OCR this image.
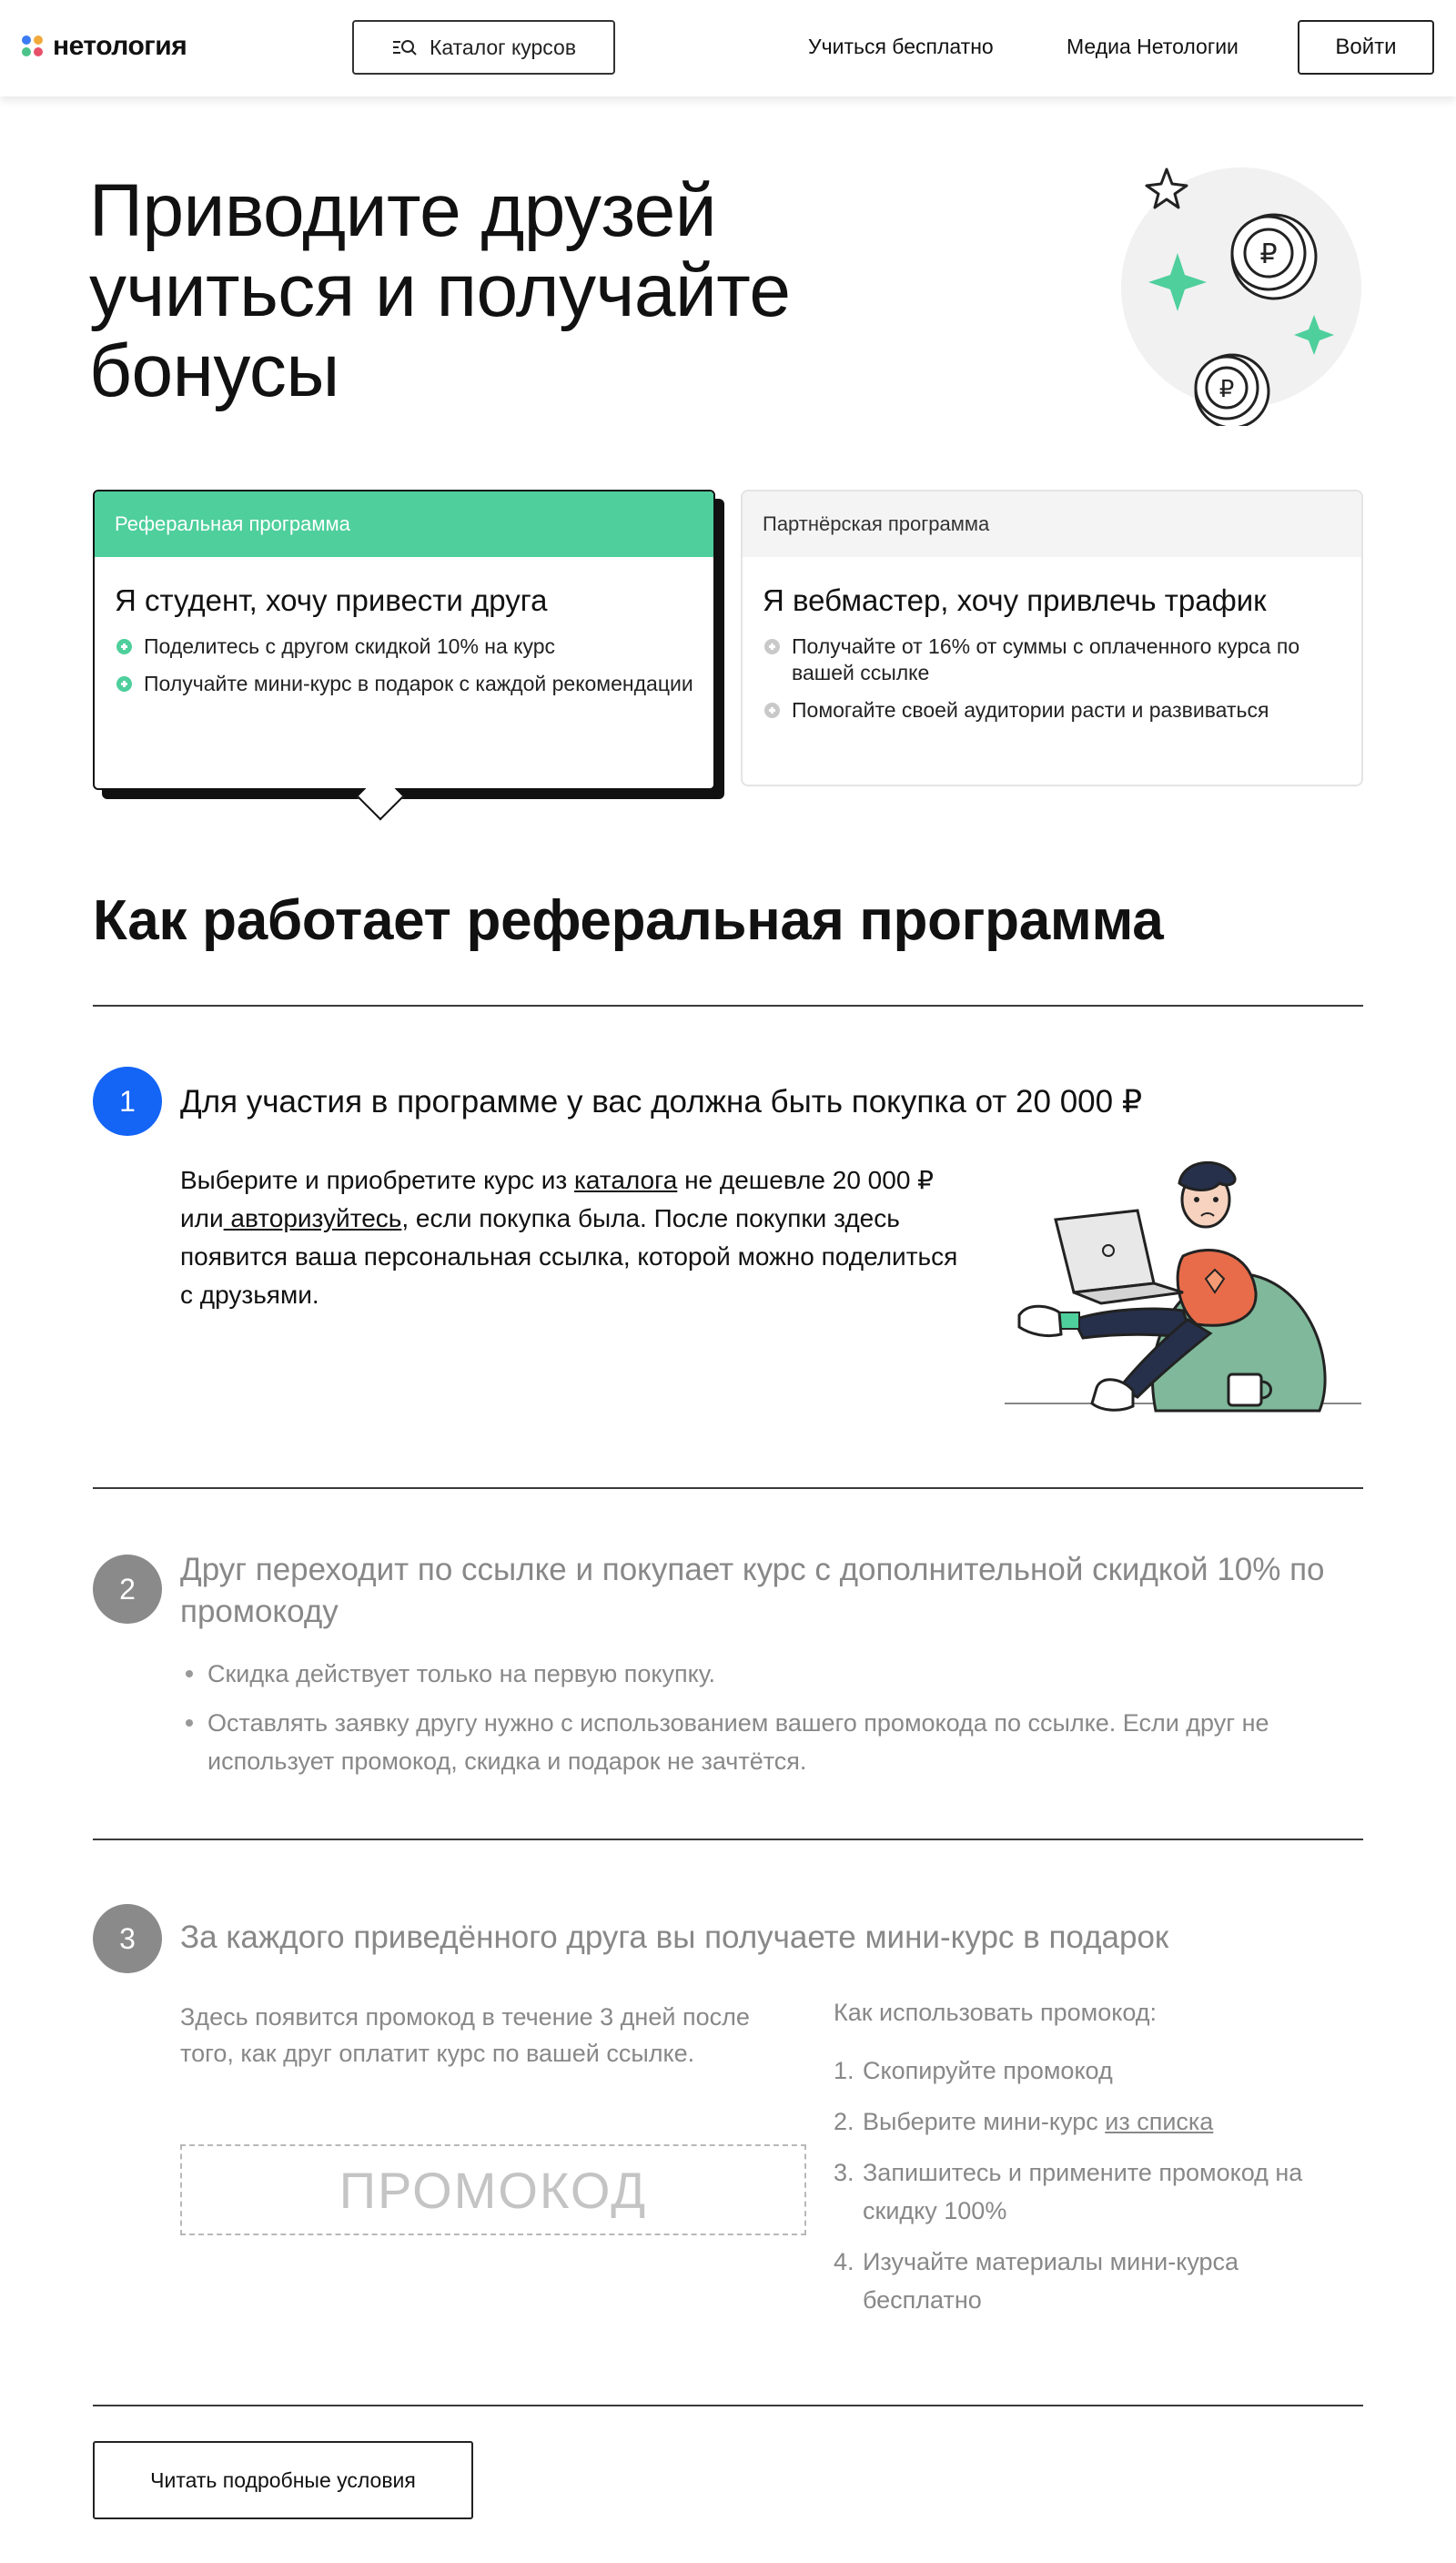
нетология	Каталог курсов	Учиться бесплатно	Медиа Нетологии	Войти
Приводите друзей учиться и получайте бонусы
₽
₽
Реферальная программа
Я студент, хочу привести друга
Поделитесь с другом скидкой 10% на курс
Получайте мини-курс в подарок с каждой рекомендации
Партнёрская программа
Я вебмастер, хочу привлечь трафик
Получайте от 16% от суммы с оплаченного курса по вашей ссылке
Помогайте своей аудитории расти и развиваться
Как работает реферальная программа
1	Для участия в программе у вас должна быть покупка от 20 000 ₽

Выберите и приобретите курс из каталога не дешевле 20 000 ₽ или авторизуйтесь, если покупка была. После покупки здесь появится ваша персональная ссылка, которой можно поделиться с друзьями.

2
Друг переходит по ссылке и покупает курс с дополнительной скидкой 10% по промокоду
Скидка действует только на первую покупку.
Оставлять заявку другу нужно с использованием вашего промокода по ссылке. Если друг не использует промокод, скидка и подарок не зачтётся.
3	За каждого приведённого друга вы получаете мини-курс в подарок

Здесь появится промокод в течение 3 дней после того, как друг оплатит курс по вашей ссылке.

ПРОМОКОД
Как использовать промокод:
1. Скопируйте промокод
2. Выберите мини-курс из списка
3. Запишитесь и примените промокод на скидку 100%
4. Изучайте материалы мини-курса бесплатно
Читать подробные условия
